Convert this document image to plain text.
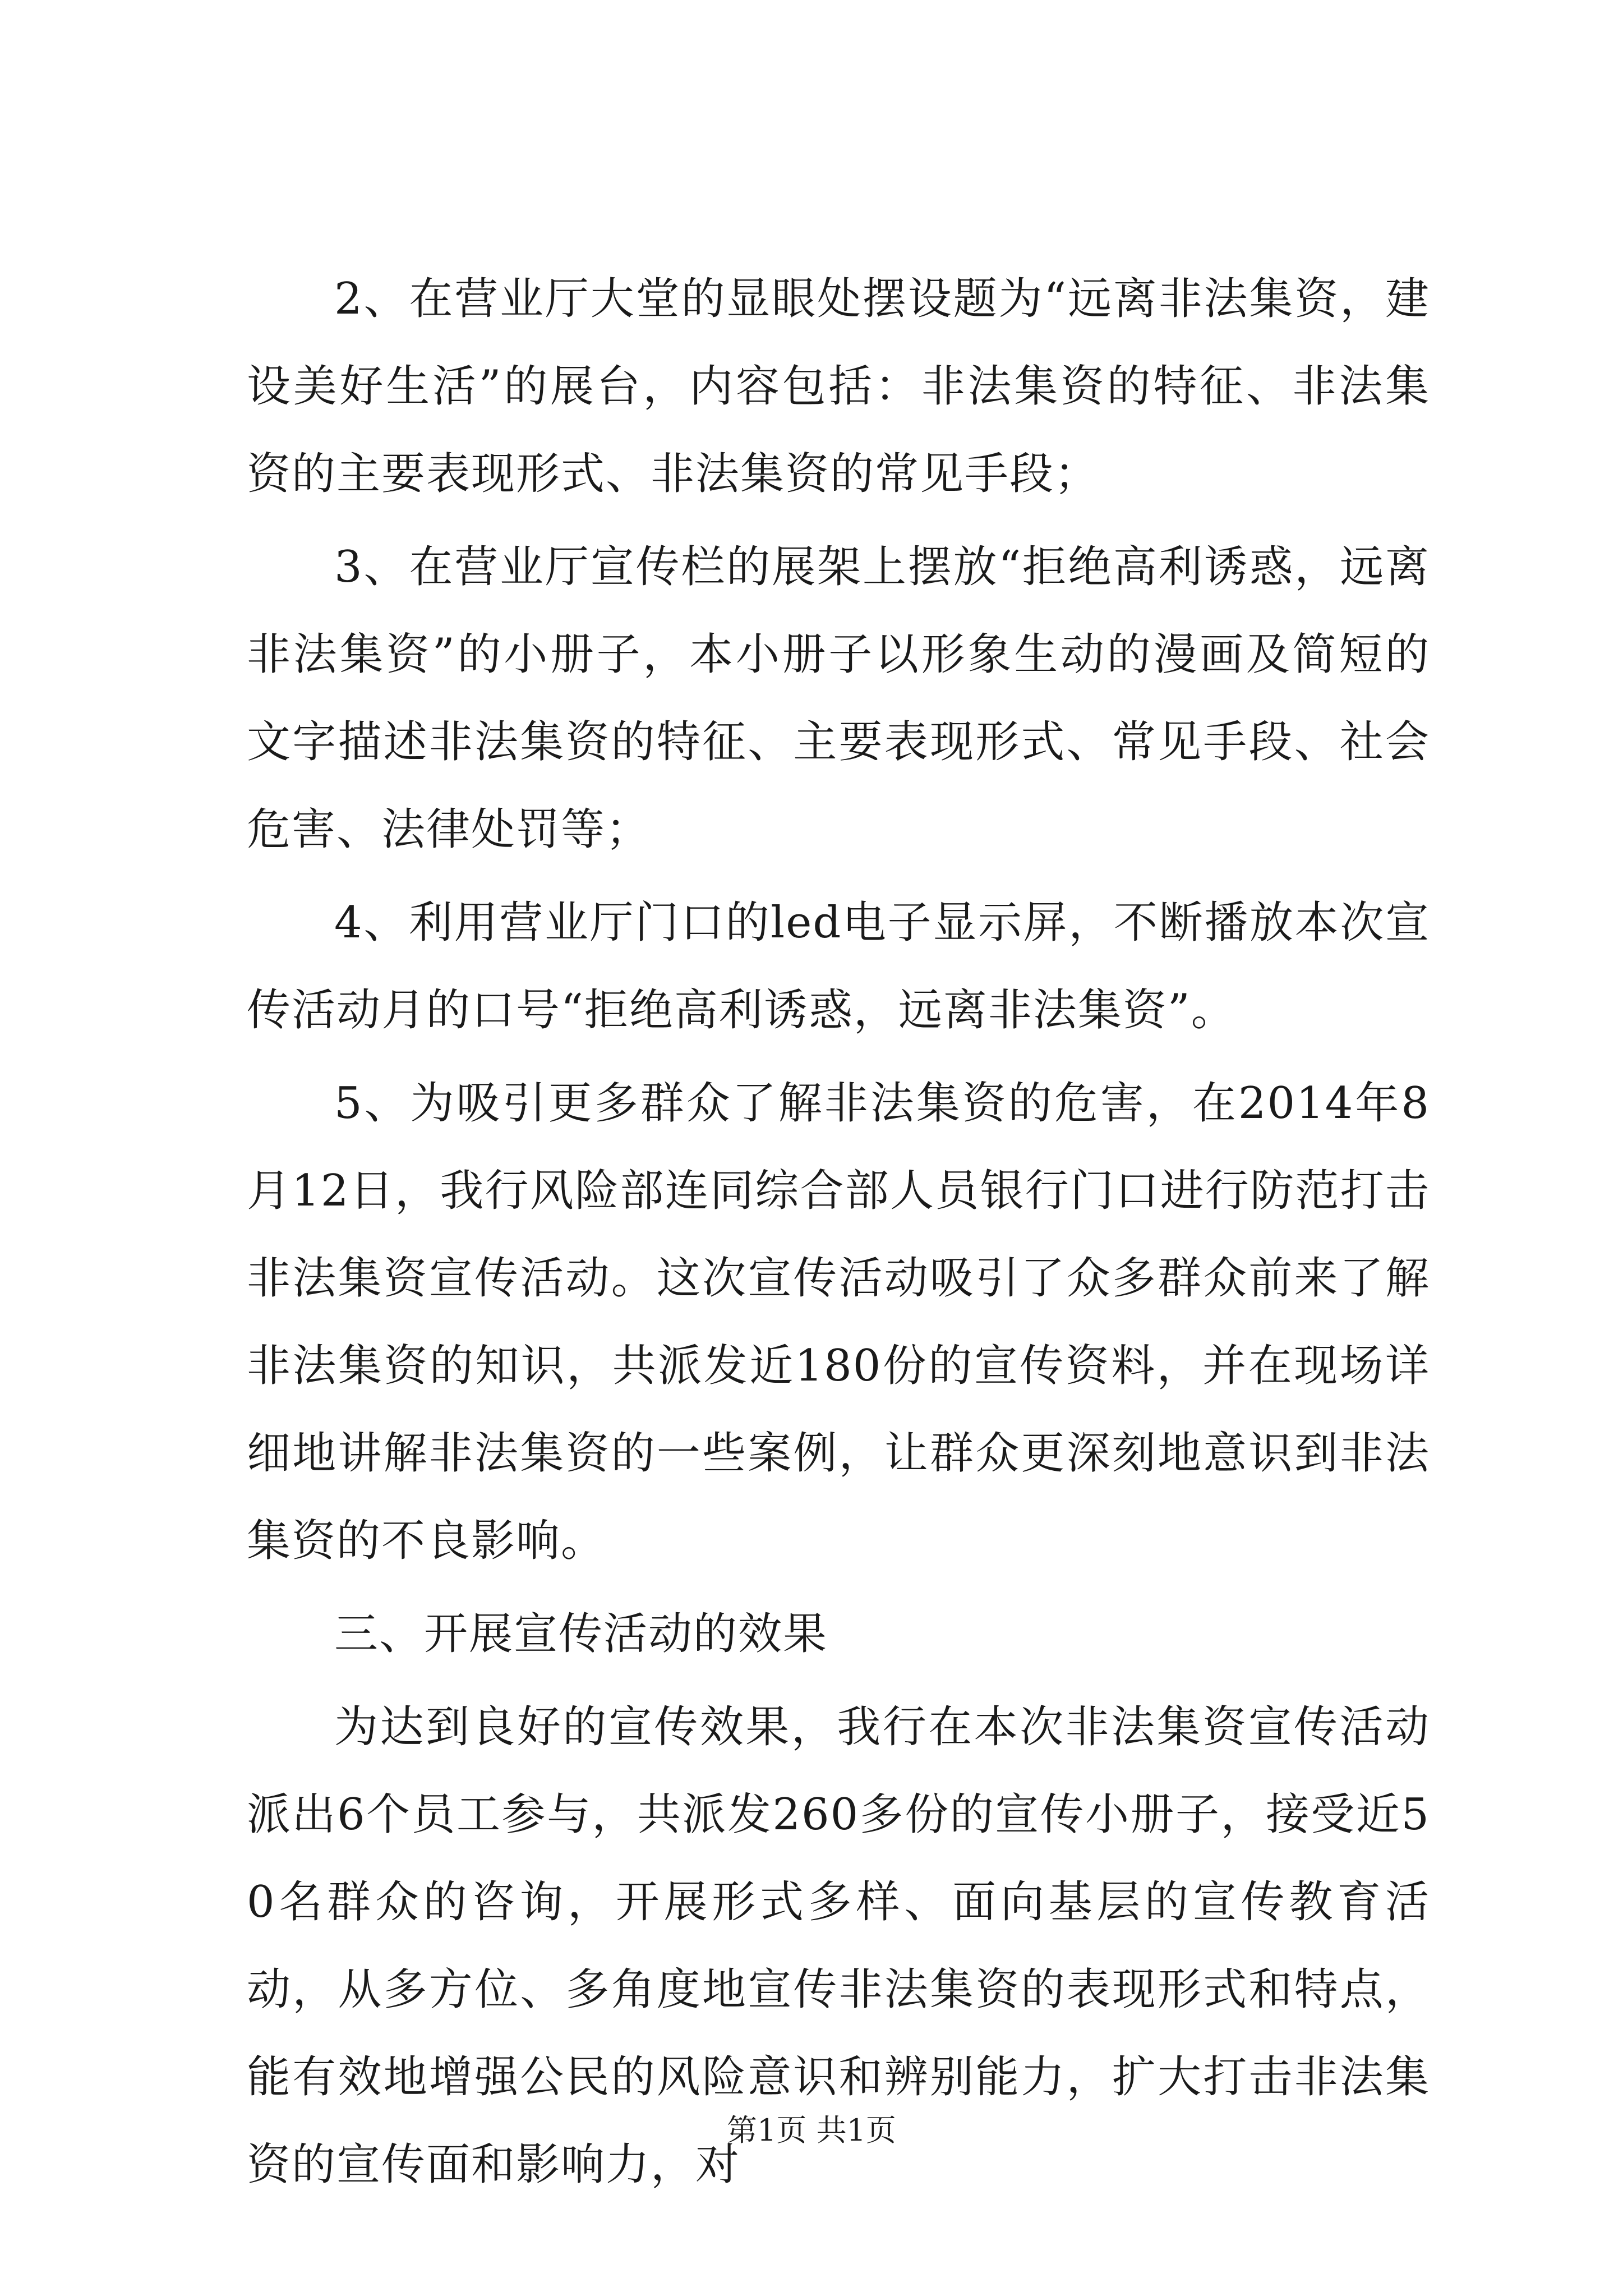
2、在营业厅大堂的显眼处摆设题为“远离非法集资，建设美好生活”的展台，内容包括：非法集资的特征、非法集资的主要表现形式、非法集资的常见手段；

3、在营业厅宣传栏的展架上摆放“拒绝高利诱惑，远离非法集资”的小册子，本小册子以形象生动的漫画及简短的文字描述非法集资的特征、主要表现形式、常见手段、社会危害、法律处罚等；

4、利用营业厅门口的led电子显示屏，不断播放本次宣传活动月的口号“拒绝高利诱惑，远离非法集资”。

5、为吸引更多群众了解非法集资的危害，在2014年8月12日，我行风险部连同综合部人员银行门口进行防范打击非法集资宣传活动。这次宣传活动吸引了众多群众前来了解非法集资的知识，共派发近180份的宣传资料，并在现场详细地讲解非法集资的一些案例，让群众更深刻地意识到非法集资的不良影响。

三、开展宣传活动的效果

为达到良好的宣传效果，我行在本次非法集资宣传活动派出6个员工参与，共派发260多份的宣传小册子，接受近50名群众的咨询，开展形式多样、面向基层的宣传教育活动，从多方位、多角度地宣传非法集资的表现形式和特点，能有效地增强公民的风险意识和辨别能力，扩大打击非法集资的宣传面和影响力，对

第1页 共1页
